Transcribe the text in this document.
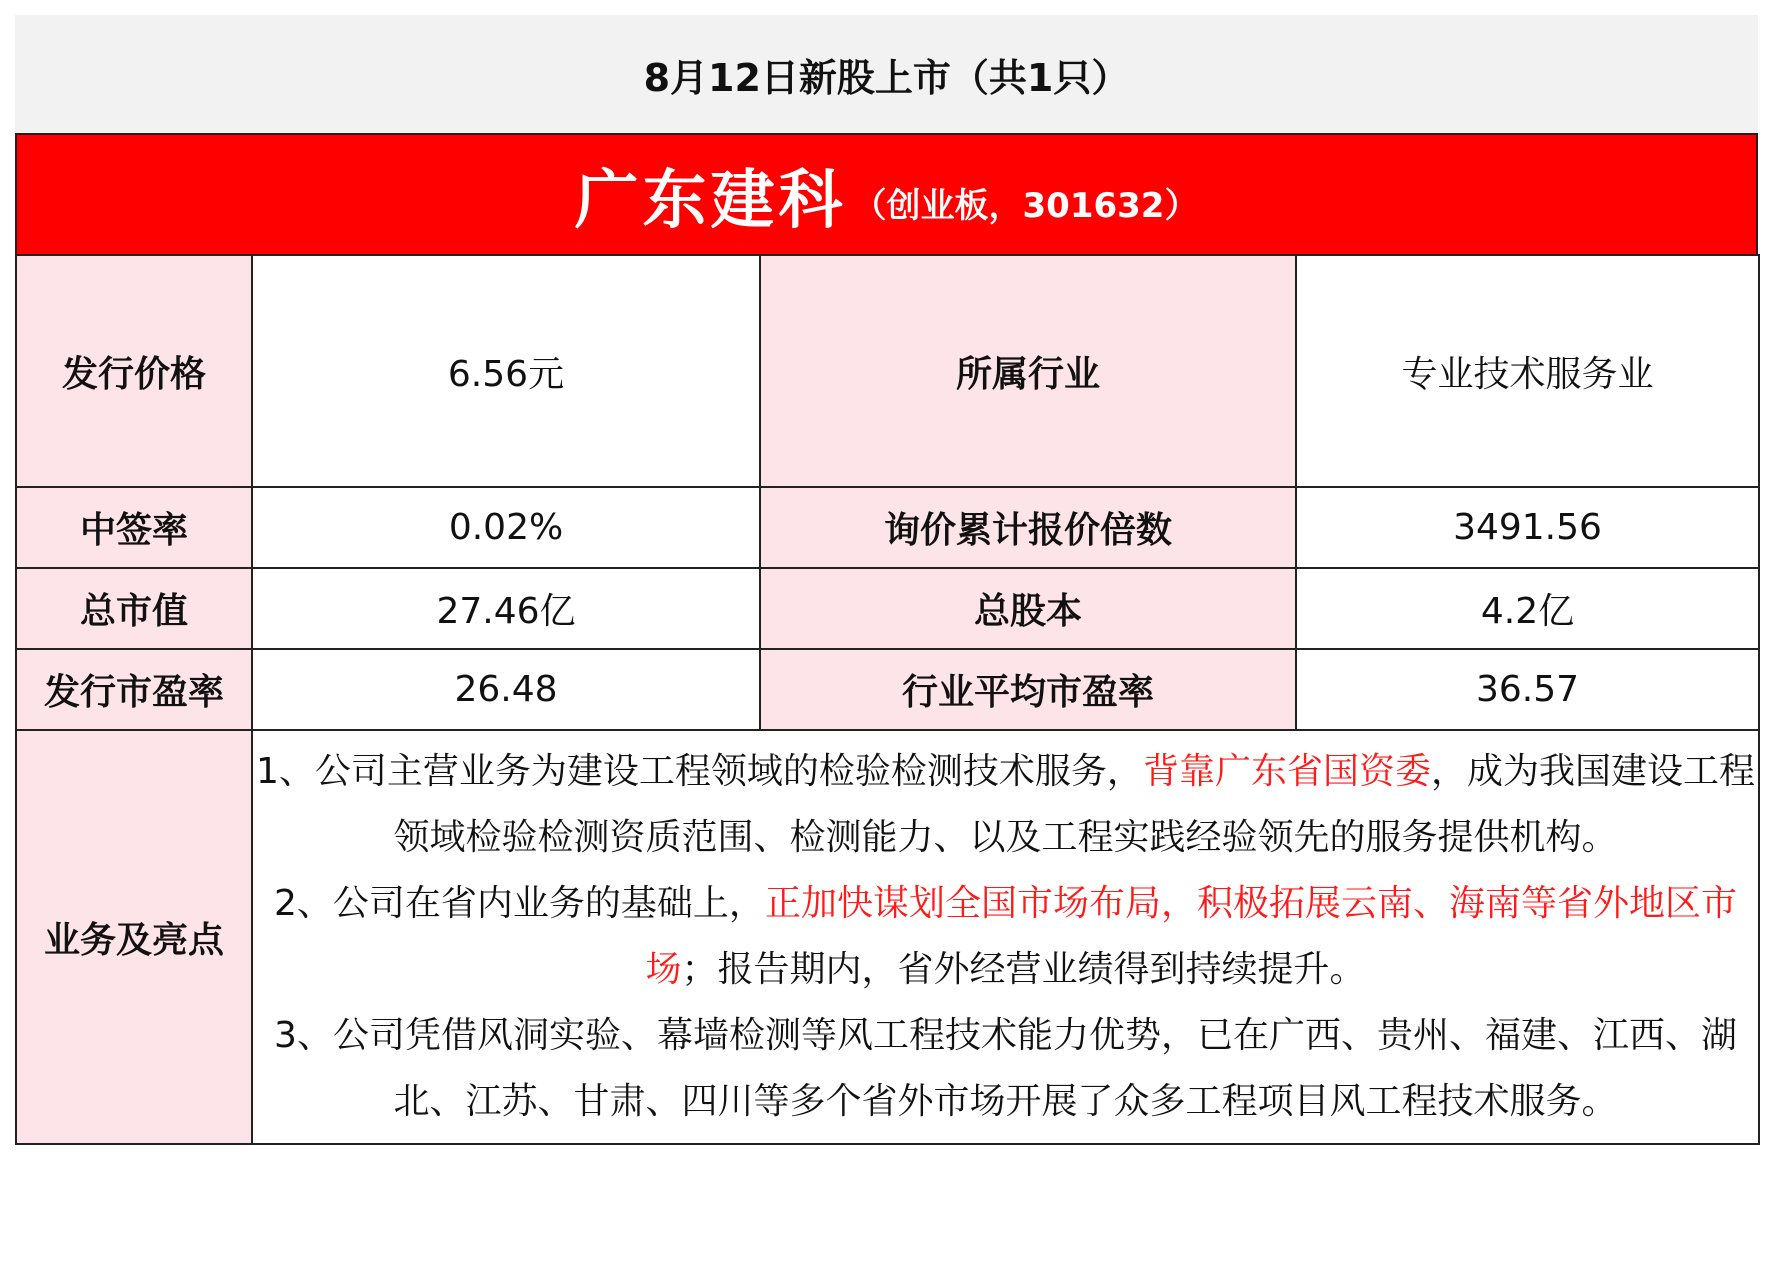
8月12日新股上市（共1只）
广东建科 （创业板，301632）
发行价格	6.56元	所属行业	专业技术服务业
中签率	0.02%	询价累计报价倍数	3491.56
总市值	27.46亿	总股本	4.2亿
发行市盈率	26.48	行业平均市盈率	36.57
业务及亮点	1、公司主营业务为建设工程领域的检验检测技术服务，背靠广东省国资委，成为我国建设工程领域检验检测资质范围、检测能力、以及工程实践经验领先的服务提供机构。
2、公司在省内业务的基础上，正加快谋划全国市场布局，积极拓展云南、海南等省外地区市场；报告期内，省外经营业绩得到持续提升。
3、公司凭借风洞实验、幕墙检测等风工程技术能力优势，已在广西、贵州、福建、江西、湖北、江苏、甘肃、四川等多个省外市场开展了众多工程项目风工程技术服务。		
